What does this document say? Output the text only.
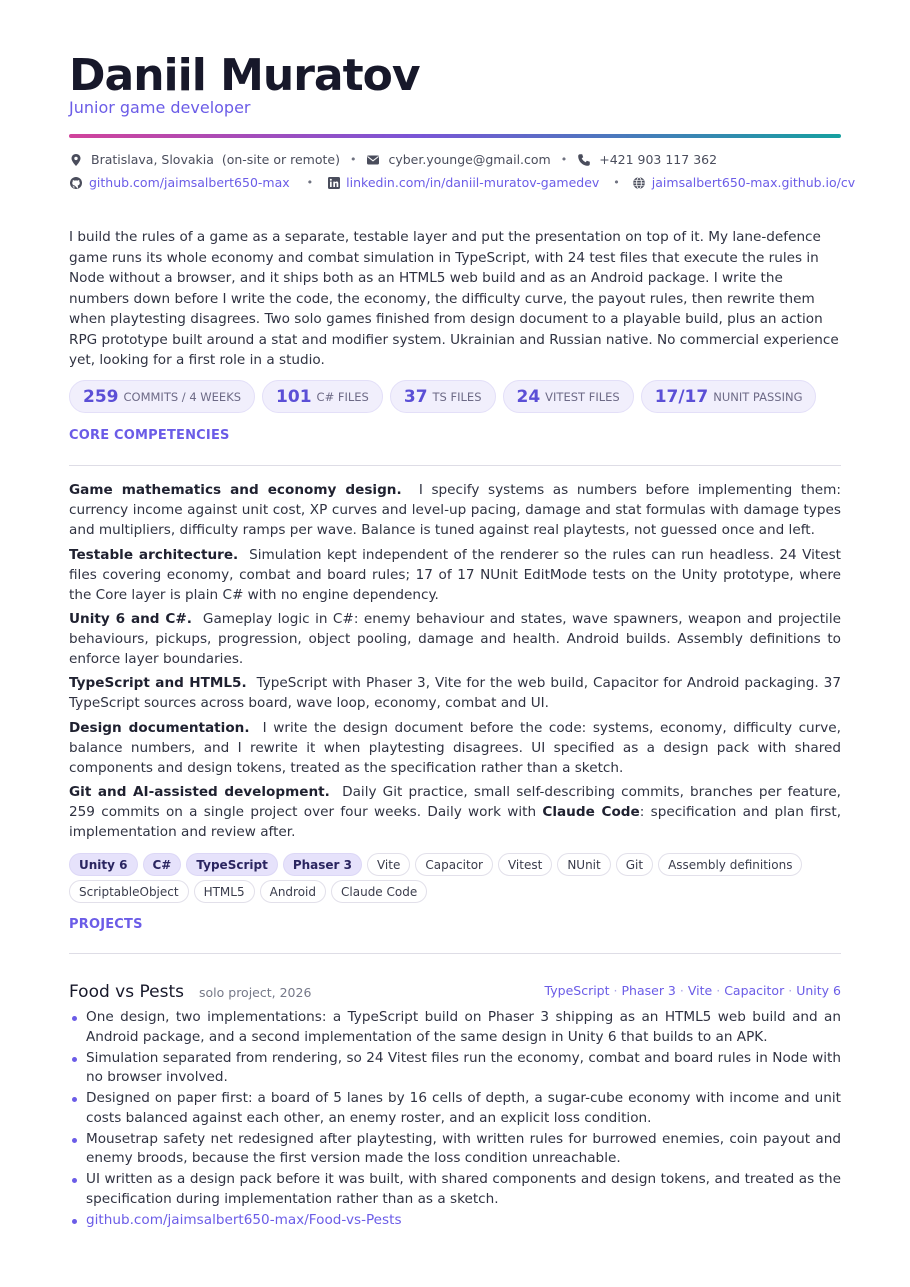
Daniil Muratov
Junior game developer
Bratislava, Slovakia  (on-site or remote) •	cyber.younge@gmail.com •	+421 903 117 362
github.com/jaimsalbert650-max •	linkedin.com/in/daniil-muratov-gamedev •	jaimsalbert650-max.github.io/cv

I build the rules of a game as a separate, testable layer and put the presentation on top of it. My lane-defence game runs its whole economy and combat simulation in TypeScript, with 24 test files that execute the rules in Node without a browser, and it ships both as an HTML5 web build and as an Android package. I write the numbers down before I write the code, the economy, the difficulty curve, the payout rules, then rewrite them when playtesting disagrees. Two solo games finished from design document to a playable build, plus an action RPG prototype built around a stat and modifier system. Ukrainian and Russian native. No commercial experience yet, looking for a first role in a studio.

259 COMMITS / 4 WEEKS 101 C# FILES 37 TS FILES 24 VITEST FILES 17/17 NUNIT PASSING
CORE COMPETENCIES

Game mathematics and economy design. I specify systems as numbers before implementing them: currency income against unit cost, XP curves and level-up pacing, damage and stat formulas with damage types and multipliers, difficulty ramps per wave. Balance is tuned against real playtests, not guessed once and left.

Testable architecture. Simulation kept independent of the renderer so the rules can run headless. 24 Vitest files covering economy, combat and board rules; 17 of 17 NUnit EditMode tests on the Unity prototype, where the Core layer is plain C# with no engine dependency.

Unity 6 and C#. Gameplay logic in C#: enemy behaviour and states, wave spawners, weapon and projectile behaviours, pickups, progression, object pooling, damage and health. Android builds. Assembly definitions to enforce layer boundaries.

TypeScript and HTML5. TypeScript with Phaser 3, Vite for the web build, Capacitor for Android packaging. 37 TypeScript sources across board, wave loop, economy, combat and UI.

Design documentation. I write the design document before the code: systems, economy, difficulty curve, balance numbers, and I rewrite it when playtesting disagrees. UI specified as a design pack with shared components and design tokens, treated as the specification rather than a sketch.

Git and AI-assisted development. Daily Git practice, small self-describing commits, branches per feature, 259 commits on a single project over four weeks. Daily work with Claude Code: specification and plan first, implementation and review after.

Unity 6	C#	TypeScript	Phaser 3	Vite	Capacitor	Vitest	NUnit	Git	Assembly definitions
ScriptableObject	HTML5	Android	Claude Code
PROJECTS
Food vs Pests solo project, 2026	TypeScript · Phaser 3 · Vite · Capacitor · Unity 6
One design, two implementations: a TypeScript build on Phaser 3 shipping as an HTML5 web build and an Android package, and a second implementation of the same design in Unity 6 that builds to an APK.
Simulation separated from rendering, so 24 Vitest files run the economy, combat and board rules in Node with no browser involved.
Designed on paper first: a board of 5 lanes by 16 cells of depth, a sugar-cube economy with income and unit costs balanced against each other, an enemy roster, and an explicit loss condition.
Mousetrap safety net redesigned after playtesting, with written rules for burrowed enemies, coin payout and enemy broods, because the first version made the loss condition unreachable.
UI written as a design pack before it was built, with shared components and design tokens, and treated as the specification during implementation rather than as a sketch.
github.com/jaimsalbert650-max/Food-vs-Pests
